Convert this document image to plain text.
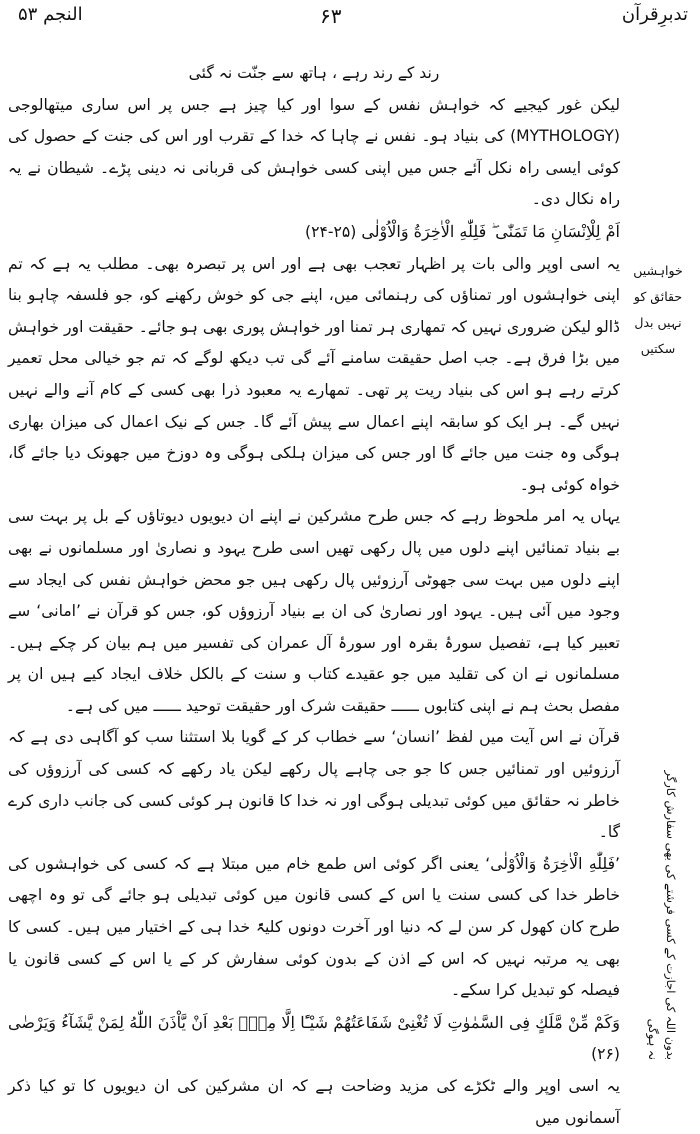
تدبرِقرآن
۶۳
النجم ۵۳

رند کے رند رہے ، ہاتھ سے جنّت نہ گئی

لیکن غور کیجیے کہ خواہش نفس کے سوا اور کیا چیز ہے جس پر اس ساری میتھالوجی (MYTHOLOGY) کی بنیاد ہو۔ نفس نے چاہا کہ خدا کے تقرب اور اس کی جنت کے حصول کی کوئی ایسی راہ نکل آئے جس میں اپنی کسی خواہش کی قربانی نہ دینی پڑے۔ شیطان نے یہ راہ نکال دی۔

اَمْ لِلْاِنْسَانِ مَا تَمَنّٰی ۖ فَلِلّٰهِ الْاٰخِرَةُ وَالْاُوْلٰی (۲۴-۲۵)

یہ اسی اوپر والی بات پر اظہار تعجب بھی ہے اور اس پر تبصرہ بھی۔ مطلب یہ ہے کہ تم اپنی خواہشوں اور تمناؤں کی رہنمائی میں، اپنے جی کو خوش رکھنے کو، جو فلسفہ چاہو بنا ڈالو لیکن ضروری نہیں کہ تمھاری ہر تمنا اور خواہش پوری بھی ہو جائے۔ حقیقت اور خواہش میں بڑا فرق ہے۔ جب اصل حقیقت سامنے آئے گی تب دیکھ لوگے کہ تم جو خیالی محل تعمیر کرتے رہے ہو اس کی بنیاد ریت پر تھی۔ تمھارے یہ معبود ذرا بھی کسی کے کام آنے والے نہیں نہیں گے۔ ہر ایک کو سابقہ اپنے اعمال سے پیش آئے گا۔ جس کے نیک اعمال کی میزان بھاری ہوگی وہ جنت میں جائے گا اور جس کی میزان ہلکی ہوگی وہ دوزخ میں جھونک دیا جائے گا، خواہ کوئی ہو۔

یہاں یہ امر ملحوظ رہے کہ جس طرح مشرکین نے اپنے ان دیویوں دیوتاؤں کے بل پر بہت سی بے بنیاد تمنائیں اپنے دلوں میں پال رکھی تھیں اسی طرح یہود و نصاریٰ اور مسلمانوں نے بھی اپنے دلوں میں بہت سی جھوٹی آرزوئیں پال رکھی ہیں جو محض خواہش نفس کی ایجاد سے وجود میں آئی ہیں۔ یہود اور نصاریٰ کی ان بے بنیاد آرزوؤں کو، جس کو قرآن نے ’امانی‘ سے تعبیر کیا ہے، تفصیل سورۂ بقرہ اور سورۂ آل عمران کی تفسیر میں ہم بیان کر چکے ہیں۔ مسلمانوں نے ان کی تقلید میں جو عقیدے کتاب و سنت کے بالکل خلاف ایجاد کیے ہیں ان پر مفصل بحث ہم نے اپنی کتابوں ــــــ حقیقت شرک اور حقیقت توحید ــــــ میں کی ہے۔

قرآن نے اس آیت میں لفظ ’انسان‘ سے خطاب کر کے گویا بلا استثنا سب کو آگاہی دی ہے کہ آرزوئیں اور تمنائیں جس کا جو جی چاہے پال رکھے لیکن یاد رکھے کہ کسی کی آرزوؤں کی خاطر نہ حقائق میں کوئی تبدیلی ہوگی اور نہ خدا کا قانون ہر کوئی کسی کی جانب داری کرے گا۔

’فَلِلّٰهِ الْاٰخِرَةُ وَالْاُوْلٰی‘ یعنی اگر کوئی اس طمع خام میں مبتلا ہے کہ کسی کی خواہشوں کی خاطر خدا کی کسی سنت یا اس کے کسی قانون میں کوئی تبدیلی ہو جائے گی تو وہ اچھی طرح کان کھول کر سن لے کہ دنیا اور آخرت دونوں کلیۃً خدا ہی کے اختیار میں ہیں۔ کسی کا بھی یہ مرتبہ نہیں کہ اس کے اذن کے بدون کوئی سفارش کر کے یا اس کے کسی قانون یا فیصلہ کو تبدیل کرا سکے۔

وَكَمْ مِّنْ مَّلَكٍ فِی السَّمٰوٰتِ لَا تُغْنِیْ شَفَاعَتُهُمْ شَیْـًٔا اِلَّا مِنْۢ بَعْدِ اَنْ یَّاْذَنَ اللّٰهُ لِمَنْ یَّشَآءُ وَیَرْضٰی (۲۶)

یہ اسی اوپر والے ٹکڑے کی مزید وضاحت ہے کہ ان مشرکین کی ان دیویوں کا تو کیا ذکر آسمانوں میں

خواہشیں حقائق کو نہیں بدل سکتیں
بدون اللہ کی اجازت کے کسی فرشتے کی بھی سفارش کارگر نہ ہوگی
